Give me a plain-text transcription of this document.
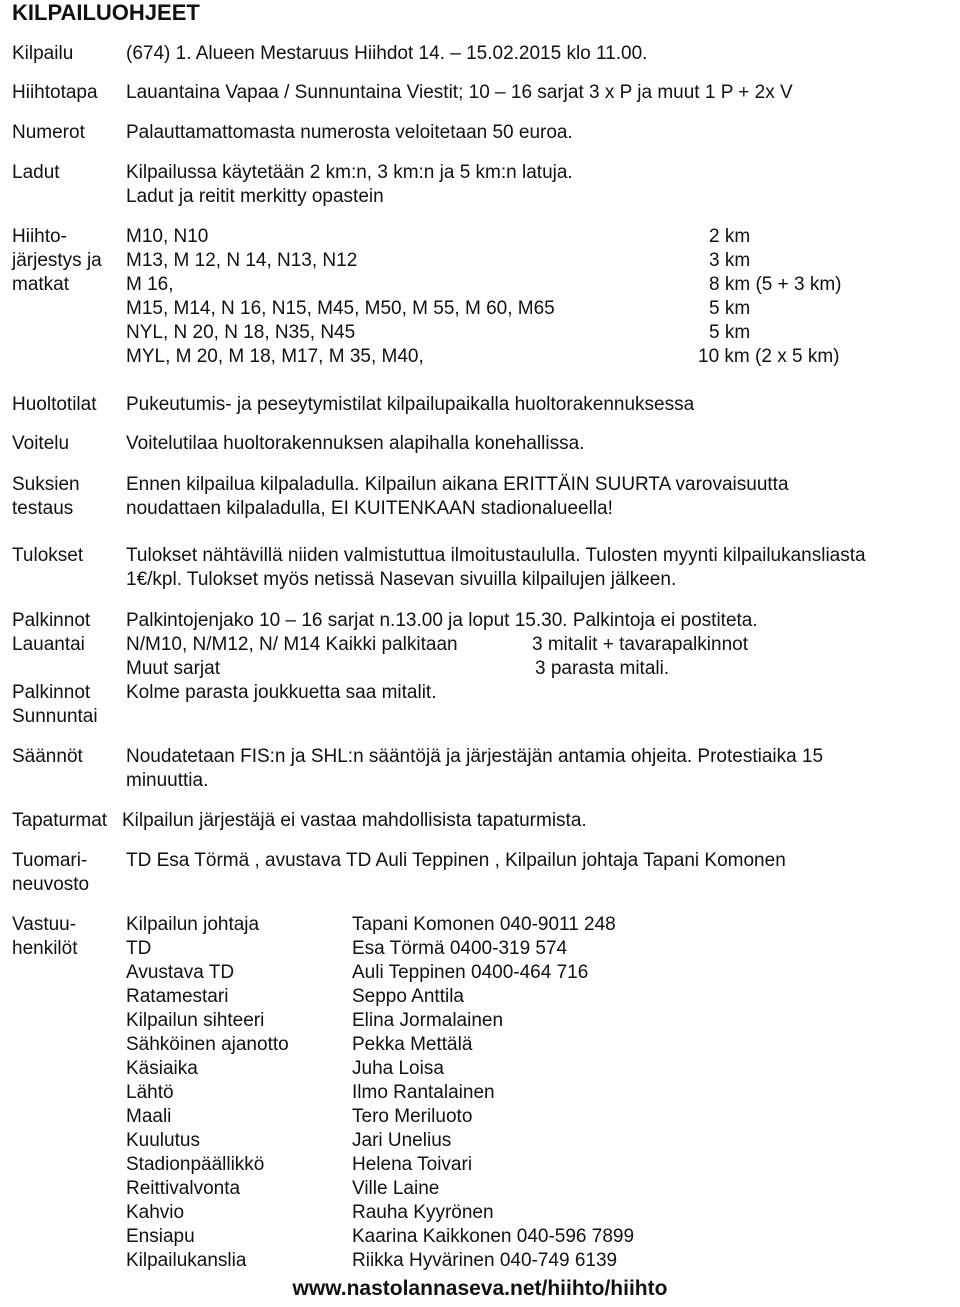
KILPAILUOHJEET
Kilpailu	(674) 1. Alueen Mestaruus Hiihdot 14. – 15.02.2015 klo 11.00.
Hiihtotapa Lauantaina Vapaa / Sunnuntaina Viestit; 10 – 16 sarjat 3 x P ja muut 1 P + 2x V
Numerot Palauttamattomasta numerosta veloitetaan 50 euroa.
Ladut	Kilpailussa käytetään 2 km:n, 3 km:n ja 5 km:n latuja.
Ladut ja reitit merkitty opastein
Hiihto-
järjestys ja
matkat
M10, N10	2 km
M13, M 12, N 14, N13, N12	3 km
M 16,	8 km (5 + 3 km)
M15, M14, N 16, N15, M45, M50, M 55, M 60, M65	5 km
NYL, N 20, N 18, N35, N45	5 km
MYL, M 20, M 18, M17, M 35, M40,	10 km (2 x 5 km)
Huoltotilat Pukeutumis- ja peseytymistilat kilpailupaikalla huoltorakennuksessa
Voitelu	Voitelutilaa huoltorakennuksen alapihalla konehallissa.
Suksien
testaus
Ennen kilpailua kilpaladulla. Kilpailun aikana ERITTÄIN SUURTA varovaisuutta
noudattaen kilpaladulla, EI KUITENKAAN stadionalueella!
Tulokset Tulokset nähtävillä niiden valmistuttua ilmoitustaululla. Tulosten myynti kilpailukansliasta
1€/kpl. Tulokset myös netissä Nasevan sivuilla kilpailujen jälkeen.
Palkinnot
Lauantai
Palkintojenjako 10 – 16 sarjat n.13.00 ja loput 15.30. Palkintoja ei postiteta.
N/M10, N/M12, N/ M14 Kaikki palkitaan	3 mitalit + tavarapalkinnot
Muut sarjat	3 parasta mitali.
Palkinnot
Sunnuntai
Kolme parasta joukkuetta saa mitalit.
Säännöt Noudatetaan FIS:n ja SHL:n sääntöjä ja järjestäjän antamia ohjeita. Protestiaika 15
minuuttia.
Tapaturmat Kilpailun järjestäjä ei vastaa mahdollisista tapaturmista.
Tuomari-
neuvosto
TD Esa Törmä , avustava TD Auli Teppinen , Kilpailun johtaja Tapani Komonen
Vastuu-
henkilöt
Kilpailun johtaja	Tapani Komonen 040-9011 248
TD	Esa Törmä 0400-319 574
Avustava TD	Auli Teppinen 0400-464 716
Ratamestari	Seppo Anttila
Kilpailun sihteeri	Elina Jormalainen
Sähköinen ajanotto	Pekka Mettälä
Käsiaika	Juha Loisa
Lähtö	Ilmo Rantalainen
Maali	Tero Meriluoto
Kuulutus	Jari Unelius
Stadionpäällikkö	Helena Toivari
Reittivalvonta	Ville Laine
Kahvio	Rauha Kyyrönen
Ensiapu	Kaarina Kaikkonen 040-596 7899
Kilpailukanslia	Riikka Hyvärinen 040-749 6139
www.nastolannaseva.net/hiihto/hiihto
